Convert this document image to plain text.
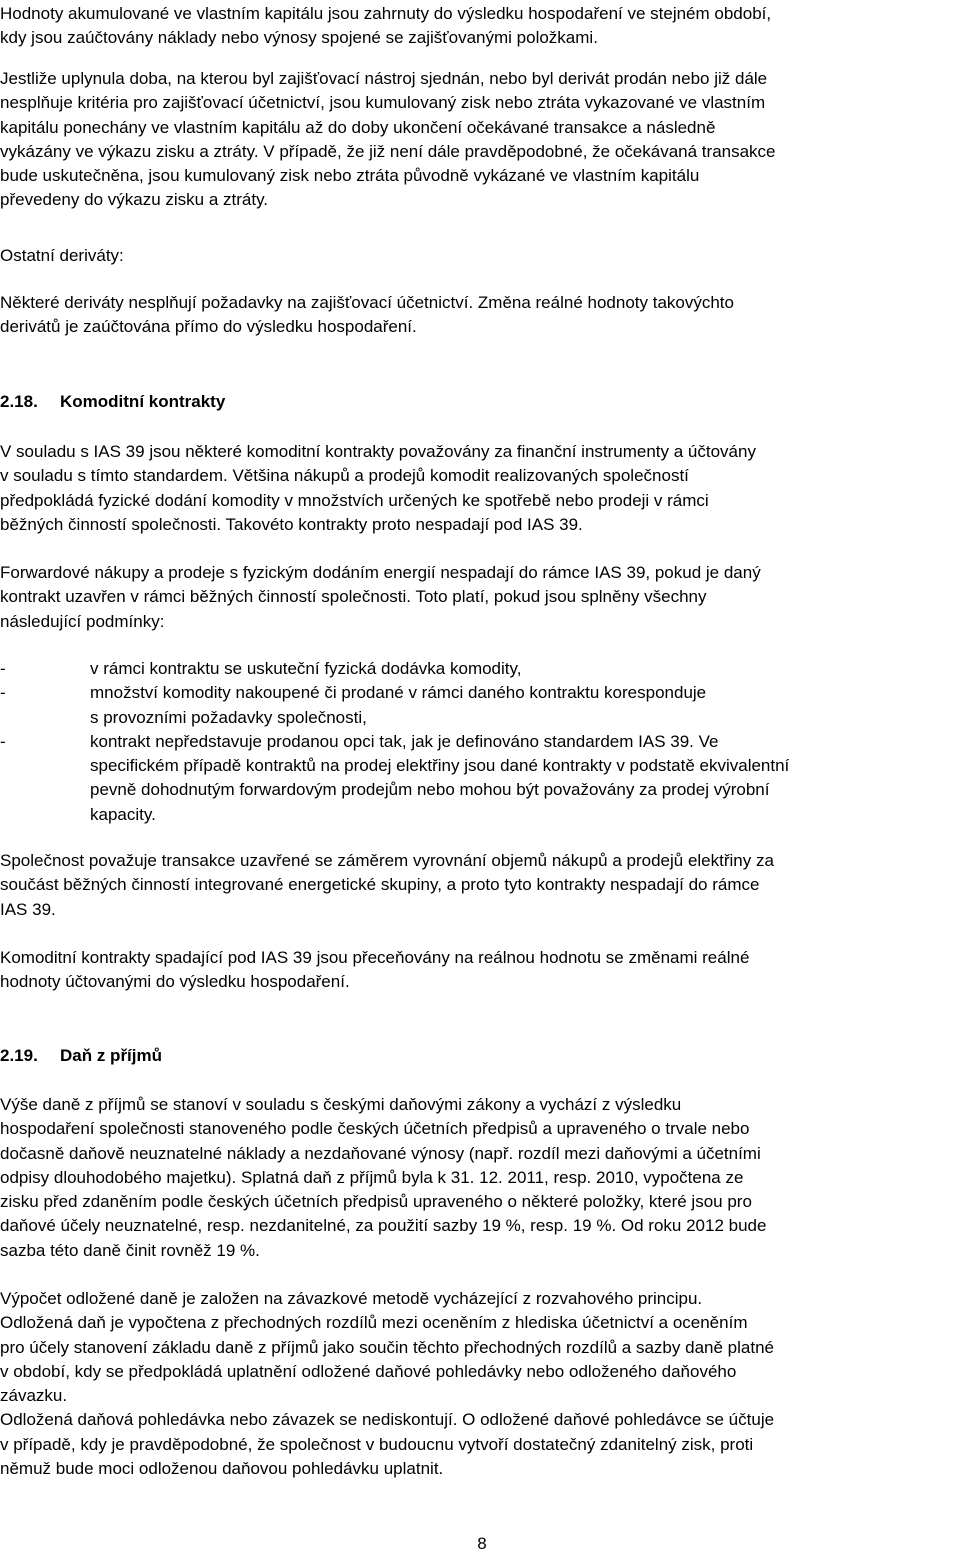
Hodnoty akumulované ve vlastním kapitálu jsou zahrnuty do výsledku hospodaření ve stejném období,

kdy jsou zaúčtovány náklady nebo výnosy spojené se zajišťovanými položkami.

Jestliže uplynula doba, na kterou byl zajišťovací nástroj sjednán, nebo byl derivát prodán nebo již dále

nesplňuje kritéria pro zajišťovací účetnictví, jsou kumulovaný zisk nebo ztráta vykazované ve vlastním

kapitálu ponechány ve vlastním kapitálu až do doby ukončení očekávané transakce a následně

vykázány ve výkazu zisku a ztráty. V případě, že již není dále pravděpodobné, že očekávaná transakce

bude uskutečněna, jsou kumulovaný zisk nebo ztráta původně vykázané ve vlastním kapitálu

převedeny do výkazu zisku a ztráty.

Ostatní deriváty:

Některé deriváty nesplňují požadavky na zajišťovací účetnictví. Změna reálné hodnoty takovýchto

derivátů je zaúčtována přímo do výsledku hospodaření.

2.18. Komoditní kontrakty

V souladu s IAS 39 jsou některé komoditní kontrakty považovány za finanční instrumenty a účtovány

v souladu s tímto standardem. Většina nákupů a prodejů komodit realizovaných společností

předpokládá fyzické dodání komodity v množstvích určených ke spotřebě nebo prodeji v rámci

běžných činností společnosti. Takovéto kontrakty proto nespadají pod IAS 39.

Forwardové nákupy a prodeje s fyzickým dodáním energií nespadají do rámce IAS 39, pokud je daný

kontrakt uzavřen v rámci běžných činností společnosti. Toto platí, pokud jsou splněny všechny

následující podmínky:

-	v rámci kontraktu se uskuteční fyzická dodávka komodity,

-	množství komodity nakoupené či prodané v rámci daného kontraktu koresponduje

s provozními požadavky společnosti,

-	kontrakt nepředstavuje prodanou opci tak, jak je definováno standardem IAS 39. Ve

specifickém případě kontraktů na prodej elektřiny jsou dané kontrakty v podstatě ekvivalentní

pevně dohodnutým forwardovým prodejům nebo mohou být považovány za prodej výrobní

kapacity.

Společnost považuje transakce uzavřené se záměrem vyrovnání objemů nákupů a prodejů elektřiny za

součást běžných činností integrované energetické skupiny, a proto tyto kontrakty nespadají do rámce

IAS 39.

Komoditní kontrakty spadající pod IAS 39 jsou přeceňovány na reálnou hodnotu se změnami reálné

hodnoty účtovanými do výsledku hospodaření.

2.19. Daň z příjmů

Výše daně z příjmů se stanoví v souladu s českými daňovými zákony a vychází z výsledku

hospodaření společnosti stanoveného podle českých účetních předpisů a upraveného o trvale nebo

dočasně daňově neuznatelné náklady a nezdaňované výnosy (např. rozdíl mezi daňovými a účetními

odpisy dlouhodobého majetku). Splatná daň z příjmů byla k 31. 12. 2011, resp. 2010, vypočtena ze

zisku před zdaněním podle českých účetních předpisů upraveného o některé položky, které jsou pro

daňové účely neuznatelné, resp. nezdanitelné, za použití sazby 19 %, resp. 19 %. Od roku 2012 bude

sazba této daně činit rovněž 19 %.

Výpočet odložené daně je založen na závazkové metodě vycházející z rozvahového principu.

Odložená daň je vypočtena z přechodných rozdílů mezi oceněním z hlediska účetnictví a oceněním

pro účely stanovení základu daně z příjmů jako součin těchto přechodných rozdílů a sazby daně platné

v období, kdy se předpokládá uplatnění odložené daňové pohledávky nebo odloženého daňového

závazku.

Odložená daňová pohledávka nebo závazek se nediskontují. O odložené daňové pohledávce se účtuje

v případě, kdy je pravděpodobné, že společnost v budoucnu vytvoří dostatečný zdanitelný zisk, proti

němuž bude moci odloženou daňovou pohledávku uplatnit.

8
